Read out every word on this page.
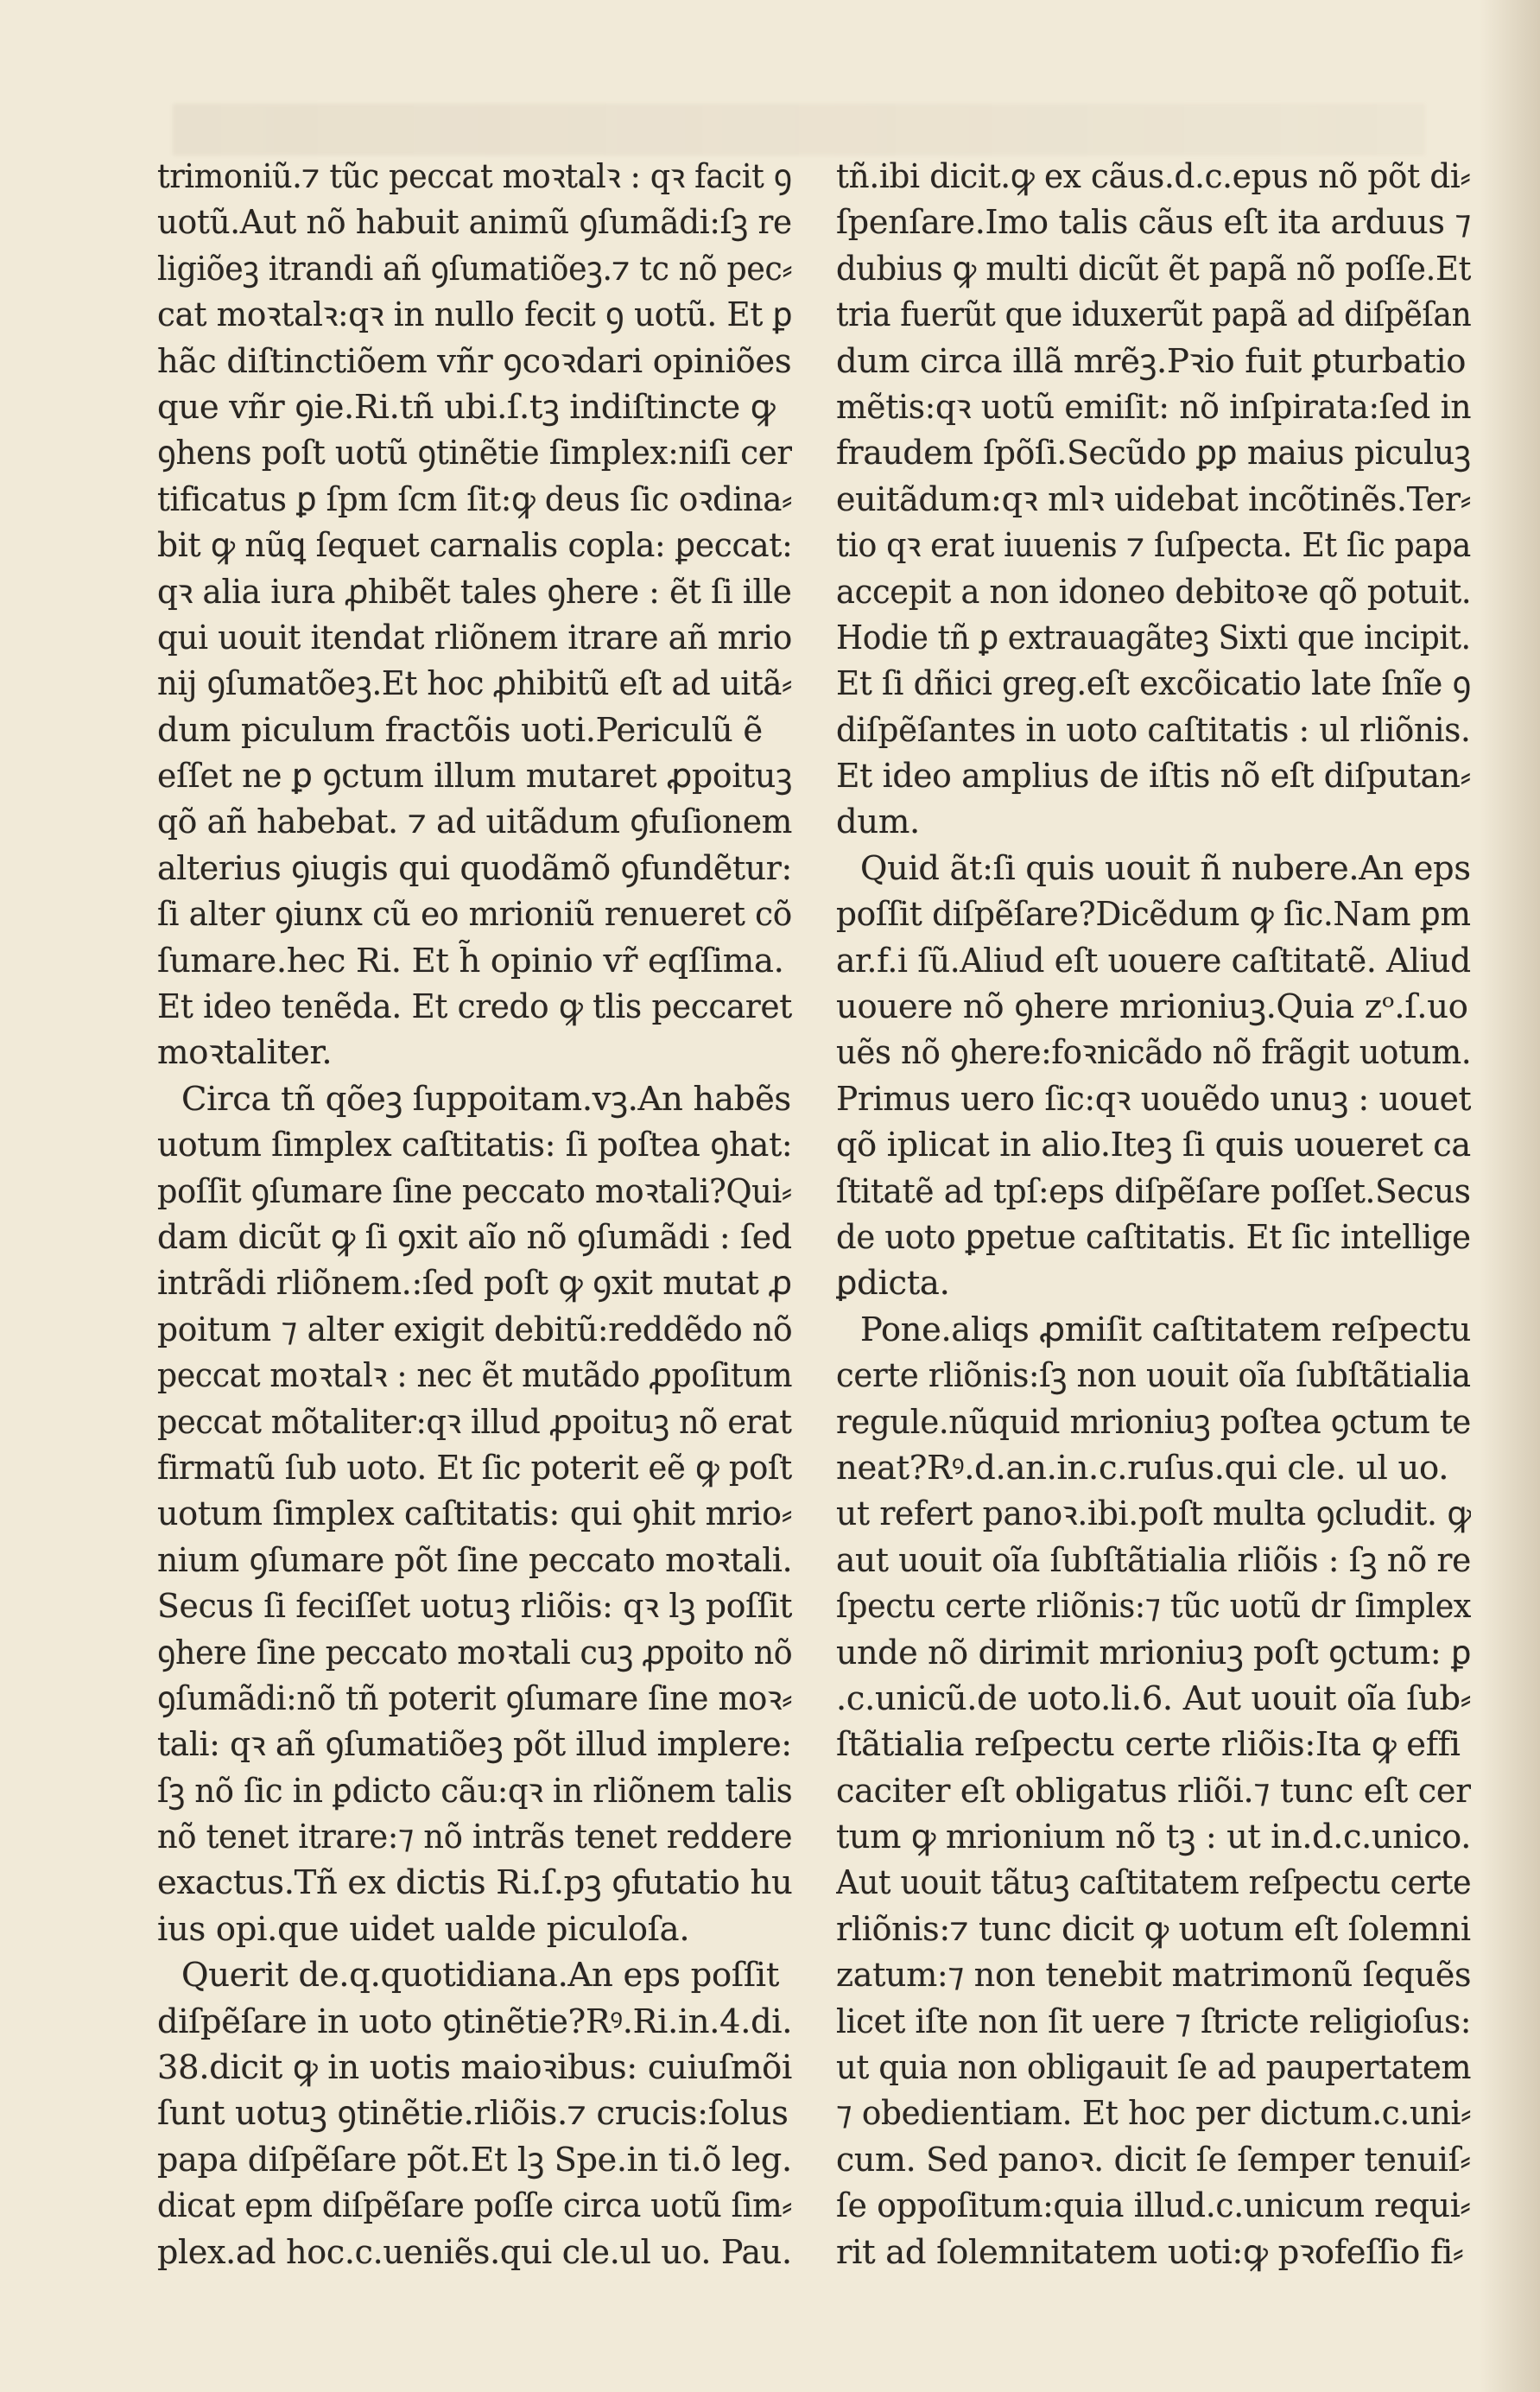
trimoniũ.⁊ tũc peccat moꝛtalꝛ : qꝛ facit ꝯ
uotũ.Aut nõ habuit animũ ꝯſumãdi:ſꝫ re
ligiõeꝫ itrandi añ ꝯſumatiõeꝫ.⁊ tc nõ pec⸗
cat moꝛtalꝛ:qꝛ in nullo fecit ꝯ uotũ. Et ꝑ
hãc diſtinctiõem vñr ꝯcoꝛdari opiniões
que vñr ꝯie.Ri.tñ ubi.ſ.tꝫ indiſtincte ꝙ
ꝯhens poſt uotũ ꝯtinẽtie ſimplex:niſi cer
tificatus ꝑ ſpm ſcm ſit:ꝙ deus ſic oꝛdina⸗
bit ꝙ nũꝗ ſequet carnalis copla: ꝑeccat:
qꝛ alia iura ꝓhibẽt tales ꝯhere : ẽt ſi ille
qui uouit itendat rliõnem itrare añ mrio
nij ꝯſumatõeꝫ.Et hoc ꝓhibitũ eſt ad uitã⸗
dum piculum fractõis uoti.Periculũ ẽ
eſſet ne ꝑ ꝯctum illum mutaret ꝓpoituꝫ
qõ añ habebat. ⁊ ad uitãdum ꝯfuſionem
alterius ꝯiugis qui quodãmõ ꝯfundẽtur:
ſi alter ꝯiunx cũ eo mrioniũ renueret cõ
ſumare.hec Ri. Et h̃ opinio vr̃ eqſſima.
Et ideo tenẽda. Et credo ꝙ tlis peccaret
moꝛtaliter.
Circa tñ qõeꝫ ſuppoitam.vꝫ.An habẽs
uotum ſimplex caſtitatis: ſi poſtea ꝯhat:
poſſit ꝯſumare ſine peccato moꝛtali?Qui⸗
dam dicũt ꝙ ſi ꝯxit aĩo nõ ꝯſumãdi : ſed
intrãdi rliõnem.:ſed poſt ꝙ ꝯxit mutat ꝓ
poitum ⁊ alter exigit debitũ:reddẽdo nõ
peccat moꝛtalꝛ : nec ẽt mutãdo ꝓpoſitum
peccat mõtaliter:qꝛ illud ꝓpoituꝫ nõ erat
firmatũ ſub uoto. Et ſic poterit eẽ ꝙ poſt
uotum ſimplex caſtitatis: qui ꝯhit mrio⸗
nium ꝯſumare põt ſine peccato moꝛtali.
Secus ſi feciſſet uotuꝫ rliõis: qꝛ lꝫ poſſit
ꝯhere ſine peccato moꝛtali cuꝫ ꝓpoito nõ
ꝯſumãdi:nõ tñ poterit ꝯſumare ſine moꝛ⸗
tali: qꝛ añ ꝯſumatiõeꝫ põt illud implere:
ſꝫ nõ ſic in ꝑdicto cãu:qꝛ in rliõnem talis
nõ tenet itrare:⁊ nõ intrãs tenet reddere
exactus.Tñ ex dictis Ri.ſ.pꝫ ꝯfutatio hu
ius opi.que uidet ualde piculoſa.
Querit de.q.quotidiana.An eps poſſit
diſpẽſare in uoto ꝯtinẽtie?Rꝰ.Ri.in.4.di.
38.dicit ꝙ in uotis maioꝛibus: cuiuſmõi
ſunt uotuꝫ ꝯtinẽtie.rliõis.⁊ crucis:ſolus
papa diſpẽſare põt.Et lꝫ Spe.in ti.õ leg.
dicat epm diſpẽſare poſſe circa uotũ ſim⸗
plex.ad hoc.c.ueniẽs.qui cle.ul uo. Pau.
tñ.ibi dicit.ꝙ ex cãus.d.c.epus nõ põt di⸗
ſpenſare.Imo talis cãus eſt ita arduus ⁊
dubius ꝙ multi dicũt ẽt papã nõ poſſe.Et
tria fuerũt que iduxerũt papã ad diſpẽſan
dum circa illã mrẽꝫ.Pꝛio fuit ꝑturbatio
mẽtis:qꝛ uotũ emiſit: nõ inſpirata:ſed in
fraudem ſpõſi.Secũdo ꝑꝑ maius piculuꝫ
euitãdum:qꝛ mlꝛ uidebat incõtinẽs.Ter⸗
tio qꝛ erat iuuenis ⁊ ſuſpecta. Et ſic papa
accepit a non idoneo debitoꝛe qõ potuit.
Hodie tñ ꝑ extrauagãteꝫ Sixti que incipit.
Et ſi dñici greg.eſt excõicatio late ſnĩe ꝯ
diſpẽſantes in uoto caſtitatis : ul rliõnis.
Et ideo amplius de iſtis nõ eſt diſputan⸗
dum.
Quid ãt:ſi quis uouit ñ nubere.An eps
poſſit diſpẽſare?Dicẽdum ꝙ ſic.Nam ꝑm
ar.f.i ſũ.Aliud eſt uouere caſtitatẽ. Aliud
uouere nõ ꝯhere mrioniuꝫ.Quia zᵒ.ſ.uo
uẽs nõ ꝯhere:foꝛnicãdo nõ frãgit uotum.
Primus uero ſic:qꝛ uouẽdo unuꝫ : uouet
qõ iplicat in alio.Iteꝫ ſi quis uoueret ca
ſtitatẽ ad tpſ:eps diſpẽſare poſſet.Secus
de uoto ꝑpetue caſtitatis. Et ſic intellige
ꝑdicta.
Pone.aliqs ꝓmiſit caſtitatem reſpectu
certe rliõnis:ſꝫ non uouit oĩa ſubſtãtialia
regule.nũquid mrioniuꝫ poſtea ꝯctum te
neat?Rꝰ.d.an.in.c.ruſus.qui cle. ul uo.
ut refert panoꝛ.ibi.poſt multa ꝯcludit. ꝙ
aut uouit oĩa ſubſtãtialia rliõis : ſꝫ nõ re
ſpectu certe rliõnis:⁊ tũc uotũ dr ſimplex
unde nõ dirimit mrioniuꝫ poſt ꝯctum: ꝑ
.c.unicũ.de uoto.li.6. Aut uouit oĩa ſub⸗
ſtãtialia reſpectu certe rliõis:Ita ꝙ effi
caciter eſt obligatus rliõi.⁊ tunc eſt cer
tum ꝙ mrionium nõ tꝫ : ut in.d.c.unico.
Aut uouit tãtuꝫ caſtitatem reſpectu certe
rliõnis:⁊ tunc dicit ꝙ uotum eſt ſolemni
zatum:⁊ non tenebit matrimonũ ſequẽs
licet iſte non ſit uere ⁊ ſtricte religioſus:
ut quia non obligauit ſe ad paupertatem
⁊ obedientiam. Et hoc per dictum.c.uni⸗
cum. Sed panoꝛ. dicit ſe ſemper tenuiſ⸗
ſe oppoſitum:quia illud.c.unicum requi⸗
rit ad ſolemnitatem uoti:ꝙ pꝛofeſſio fi⸗
